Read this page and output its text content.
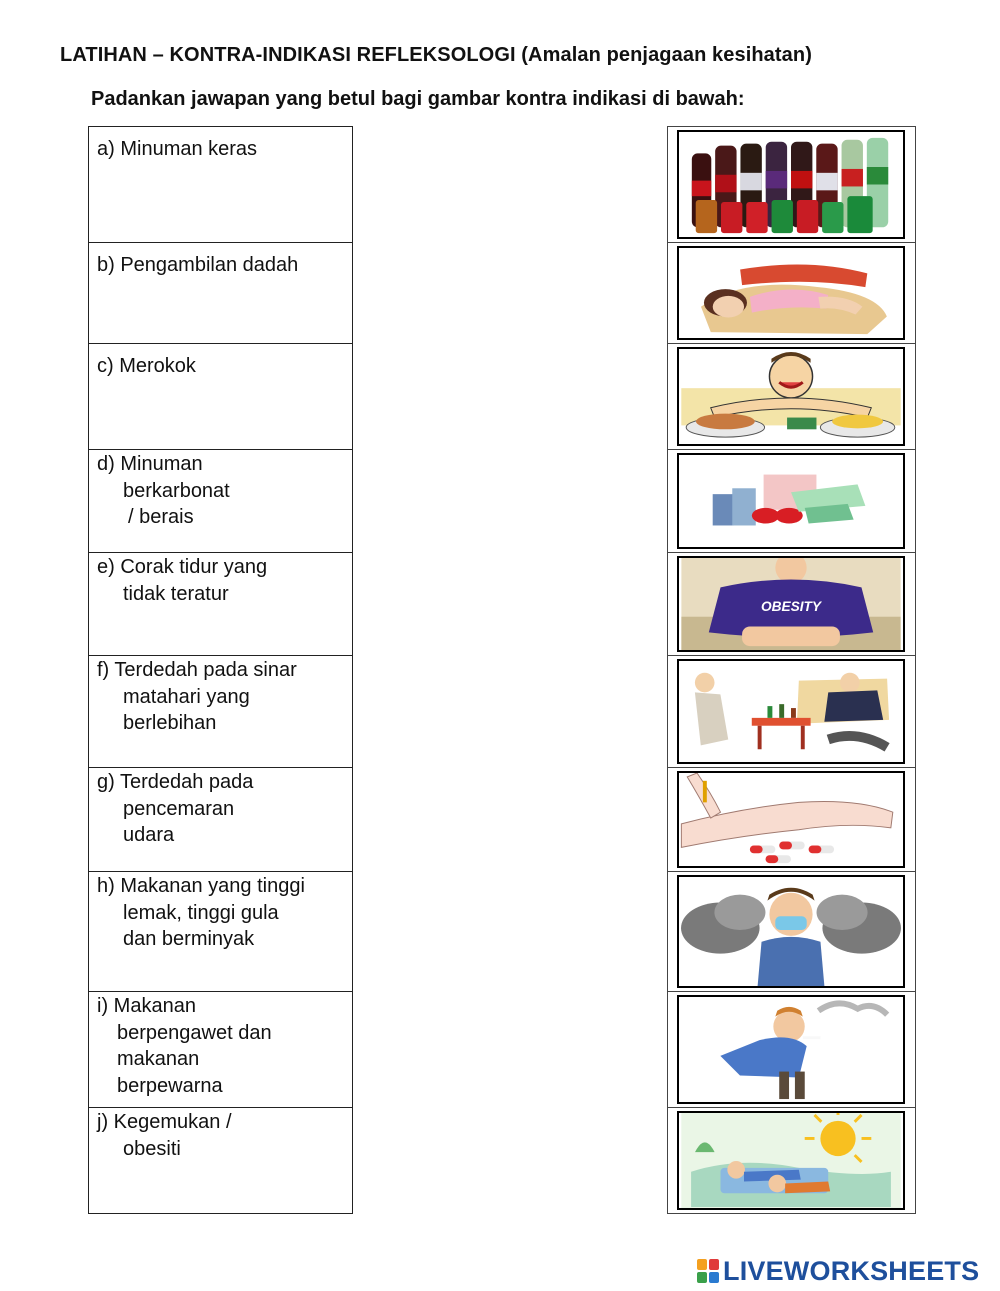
LATIHAN – KONTRA-INDIKASI REFLEKSOLOGI (Amalan penjagaan kesihatan)
Padankan jawapan yang betul bagi gambar kontra indikasi di bawah:
a) Minuman keras
b) Pengambilan dadah
c) Merokok
d) Minuman
berkarbonat
/ berais
e) Corak tidur yang
tidak teratur
f) Terdedah pada sinar
matahari yang
berlebihan
g) Terdedah pada
pencemaran
udara
h) Makanan yang tinggi
lemak, tinggi gula
dan berminyak
i) Makanan
berpengawet dan
makanan
berpewarna
j) Kegemukan /
obesiti
OBESITY
LIVEWORKSHEETS
